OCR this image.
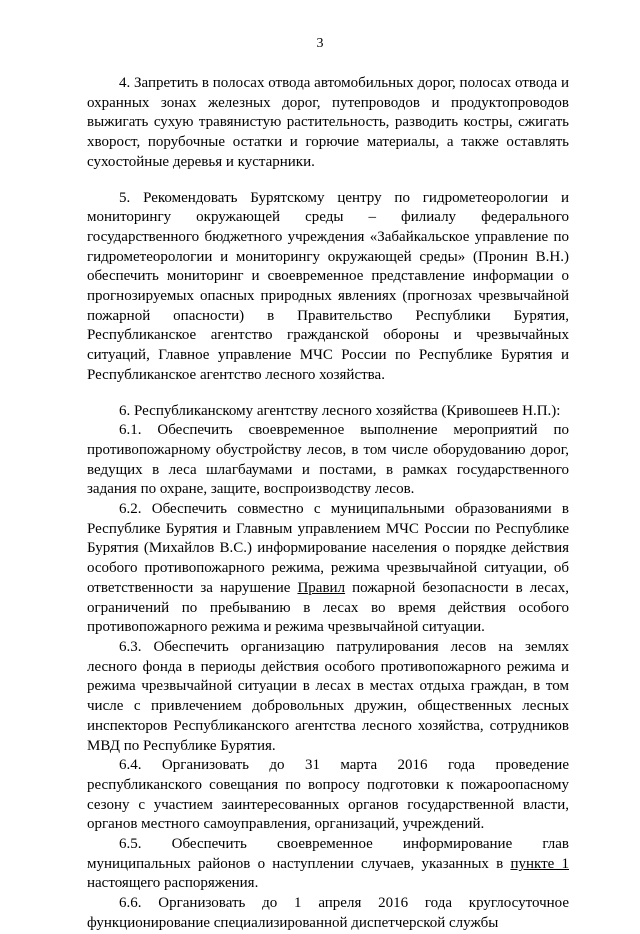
3

4. Запретить в полосах отвода автомобильных дорог, полосах отвода и охранных зонах железных дорог, путепроводов и продуктопроводов выжигать сухую травянистую растительность, разводить костры, сжигать хворост, порубочные остатки и горючие материалы, а также оставлять сухостойные деревья и кустарники.

5. Рекомендовать Бурятскому центру по гидрометеорологии и мониторингу окружающей среды – филиалу федерального государственного бюджетного учреждения «Забайкальское управление по гидрометеорологии и мониторингу окружающей среды» (Пронин В.Н.) обеспечить мониторинг и своевременное представление информации о прогнозируемых опасных природных явлениях (прогнозах чрезвычайной пожарной опасности) в Правительство Республики Бурятия, Республиканское агентство гражданской обороны и чрезвычайных ситуаций, Главное управление МЧС России по Республике Бурятия и Республиканское агентство лесного хозяйства.

6. Республиканскому агентству лесного хозяйства (Кривошеев Н.П.):

6.1. Обеспечить своевременное выполнение мероприятий по противопожарному обустройству лесов, в том числе оборудованию дорог, ведущих в леса шлагбаумами и постами, в рамках государственного задания по охране, защите, воспроизводству лесов.

6.2. Обеспечить совместно с муниципальными образованиями в Республике Бурятия и Главным управлением МЧС России по Республике Бурятия (Михайлов В.С.) информирование населения о порядке действия особого противопожарного режима, режима чрезвычайной ситуации, об ответственности за нарушение Правил пожарной безопасности в лесах, ограничений по пребыванию в лесах во время действия особого противопожарного режима и режима чрезвычайной ситуации.

6.3. Обеспечить организацию патрулирования лесов на землях лесного фонда в периоды действия особого противопожарного режима и режима чрезвычайной ситуации в лесах в местах отдыха граждан, в том числе с привлечением добровольных дружин, общественных лесных инспекторов Республиканского агентства лесного хозяйства, сотрудников МВД по Республике Бурятия.

6.4. Организовать до 31 марта 2016 года проведение республиканского совещания по вопросу подготовки к пожароопасному сезону с участием заинтересованных органов государственной власти, органов местного самоуправления, организаций, учреждений.

6.5. Обеспечить своевременное информирование глав муниципальных районов о наступлении случаев, указанных в пункте 1 настоящего распоряжения.

6.6. Организовать до 1 апреля 2016 года круглосуточное функционирование специализированной диспетчерской службы
